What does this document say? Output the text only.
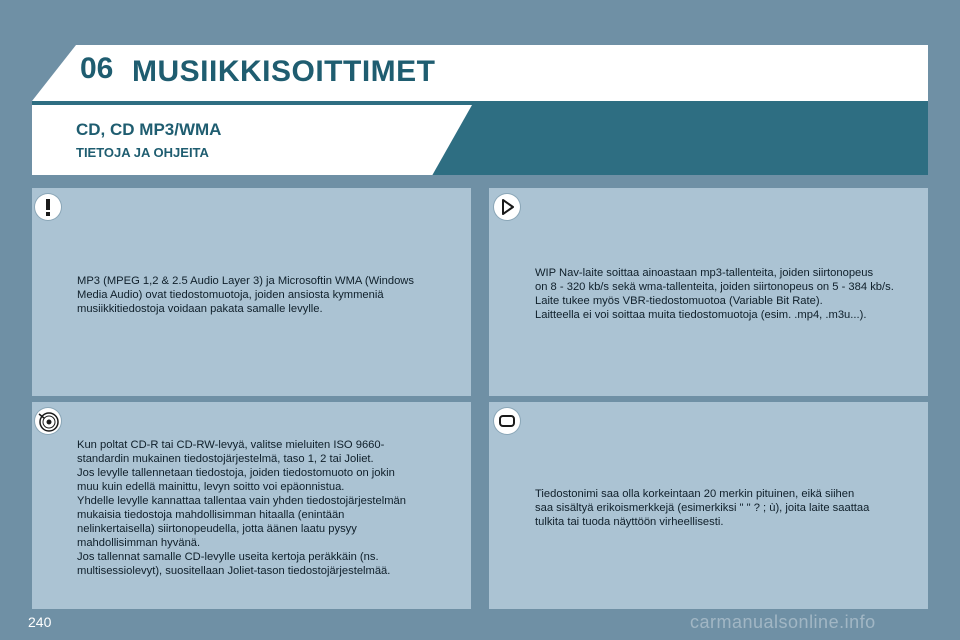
06 MUSIIKKISOITTIMET
CD, CD MP3/WMA
TIETOJA JA OHJEITA
MP3 (MPEG 1,2 & 2.5 Audio Layer 3) ja Microsoftin WMA (Windows
Media Audio) ovat tiedostomuotoja, joiden ansiosta kymmeniä
musiikkitiedostoja voidaan pakata samalle levylle.
WIP Nav-laite soittaa ainoastaan mp3-tallenteita, joiden siirtonopeus
on 8 - 320 kb/s sekä wma-tallenteita, joiden siirtonopeus on 5 - 384 kb/s.
Laite tukee myös VBR-tiedostomuotoa (Variable Bit Rate).
Laitteella ei voi soittaa muita tiedostomuotoja (esim. .mp4, .m3u...).
Kun poltat CD-R tai CD-RW-levyä, valitse mieluiten ISO 9660-
standardin mukainen tiedostojärjestelmä, taso 1, 2 tai Joliet.
Jos levylle tallennetaan tiedostoja, joiden tiedostomuoto on jokin
muu kuin edellä mainittu, levyn soitto voi epäonnistua.
Yhdelle levylle kannattaa tallentaa vain yhden tiedostojärjestelmän
mukaisia tiedostoja mahdollisimman hitaalla (enintään
nelinkertaisella) siirtonopeudella, jotta äänen laatu pysyy
mahdollisimman hyvänä.
Jos tallennat samalle CD-levylle useita kertoja peräkkäin (ns.
multisessiolevyt), suositellaan Joliet-tason tiedostojärjestelmää.
Tiedostonimi saa olla korkeintaan 20 merkin pituinen, eikä siihen
saa sisältyä erikoismerkkejä (esimerkiksi " " ? ; ù), joita laite saattaa
tulkita tai tuoda näyttöön virheellisesti.
240	carmanualsonline.info
